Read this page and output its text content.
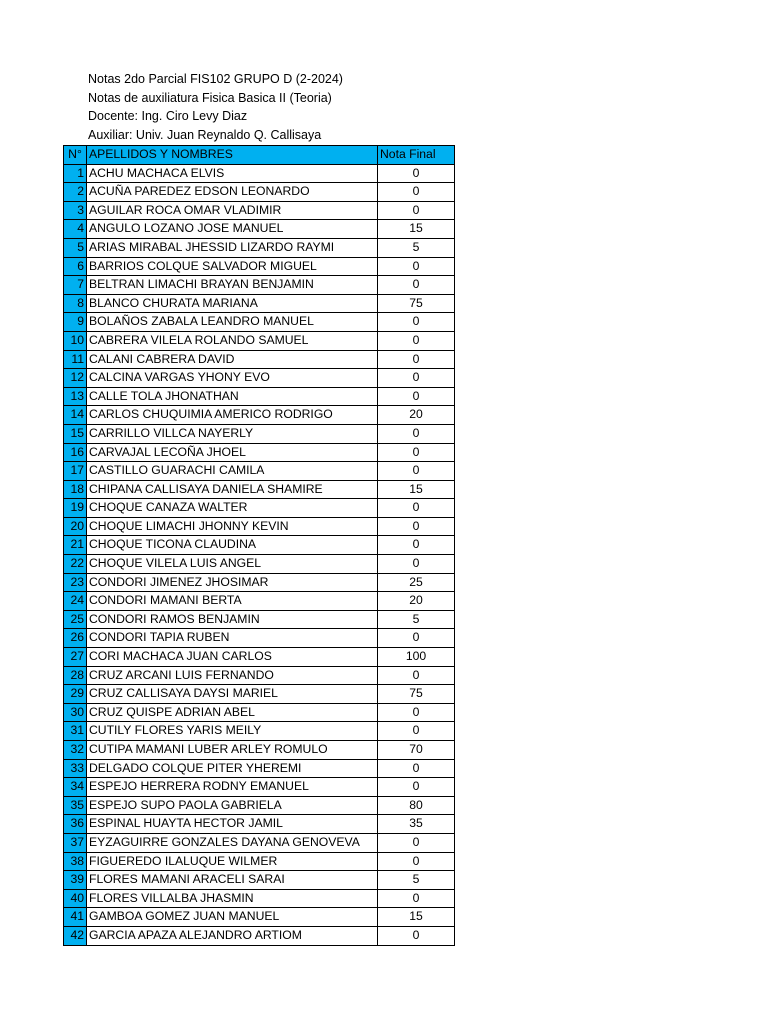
Notas 2do Parcial FIS102 GRUPO D (2-2024)
Notas de auxiliatura Fisica Basica II (Teoria)
Docente: Ing. Ciro Levy Diaz
Auxiliar: Univ. Juan Reynaldo Q. Callisaya
N°	APELLIDOS Y NOMBRES	Nota Final
1	ACHU MACHACA ELVIS	0
2	ACUÑA PAREDEZ EDSON LEONARDO	0
3	AGUILAR ROCA OMAR VLADIMIR	0
4	ANGULO LOZANO JOSE MANUEL	15
5	ARIAS MIRABAL JHESSID LIZARDO RAYMI	5
6	BARRIOS COLQUE SALVADOR MIGUEL	0
7	BELTRAN LIMACHI BRAYAN BENJAMIN	0
8	BLANCO CHURATA MARIANA	75
9	BOLAÑOS ZABALA LEANDRO MANUEL	0
10	CABRERA VILELA ROLANDO SAMUEL	0
11	CALANI CABRERA DAVID	0
12	CALCINA VARGAS YHONY EVO	0
13	CALLE TOLA JHONATHAN	0
14	CARLOS CHUQUIMIA AMERICO RODRIGO	20
15	CARRILLO VILLCA NAYERLY	0
16	CARVAJAL LECOÑA JHOEL	0
17	CASTILLO GUARACHI CAMILA	0
18	CHIPANA CALLISAYA DANIELA SHAMIRE	15
19	CHOQUE CANAZA WALTER	0
20	CHOQUE LIMACHI JHONNY KEVIN	0
21	CHOQUE TICONA CLAUDINA	0
22	CHOQUE VILELA LUIS ANGEL	0
23	CONDORI JIMENEZ JHOSIMAR	25
24	CONDORI MAMANI BERTA	20
25	CONDORI RAMOS BENJAMIN	5
26	CONDORI TAPIA RUBEN	0
27	CORI MACHACA JUAN CARLOS	100
28	CRUZ ARCANI LUIS FERNANDO	0
29	CRUZ CALLISAYA DAYSI MARIEL	75
30	CRUZ QUISPE ADRIAN ABEL	0
31	CUTILY FLORES YARIS MEILY	0
32	CUTIPA MAMANI LUBER ARLEY ROMULO	70
33	DELGADO COLQUE PITER YHEREMI	0
34	ESPEJO HERRERA RODNY EMANUEL	0
35	ESPEJO SUPO PAOLA GABRIELA	80
36	ESPINAL HUAYTA HECTOR JAMIL	35
37	EYZAGUIRRE GONZALES DAYANA GENOVEVA	0
38	FIGUEREDO ILALUQUE WILMER	0
39	FLORES MAMANI ARACELI SARAI	5
40	FLORES VILLALBA JHASMIN	0
41	GAMBOA GOMEZ JUAN MANUEL	15
42	GARCIA APAZA ALEJANDRO ARTIOM	0
